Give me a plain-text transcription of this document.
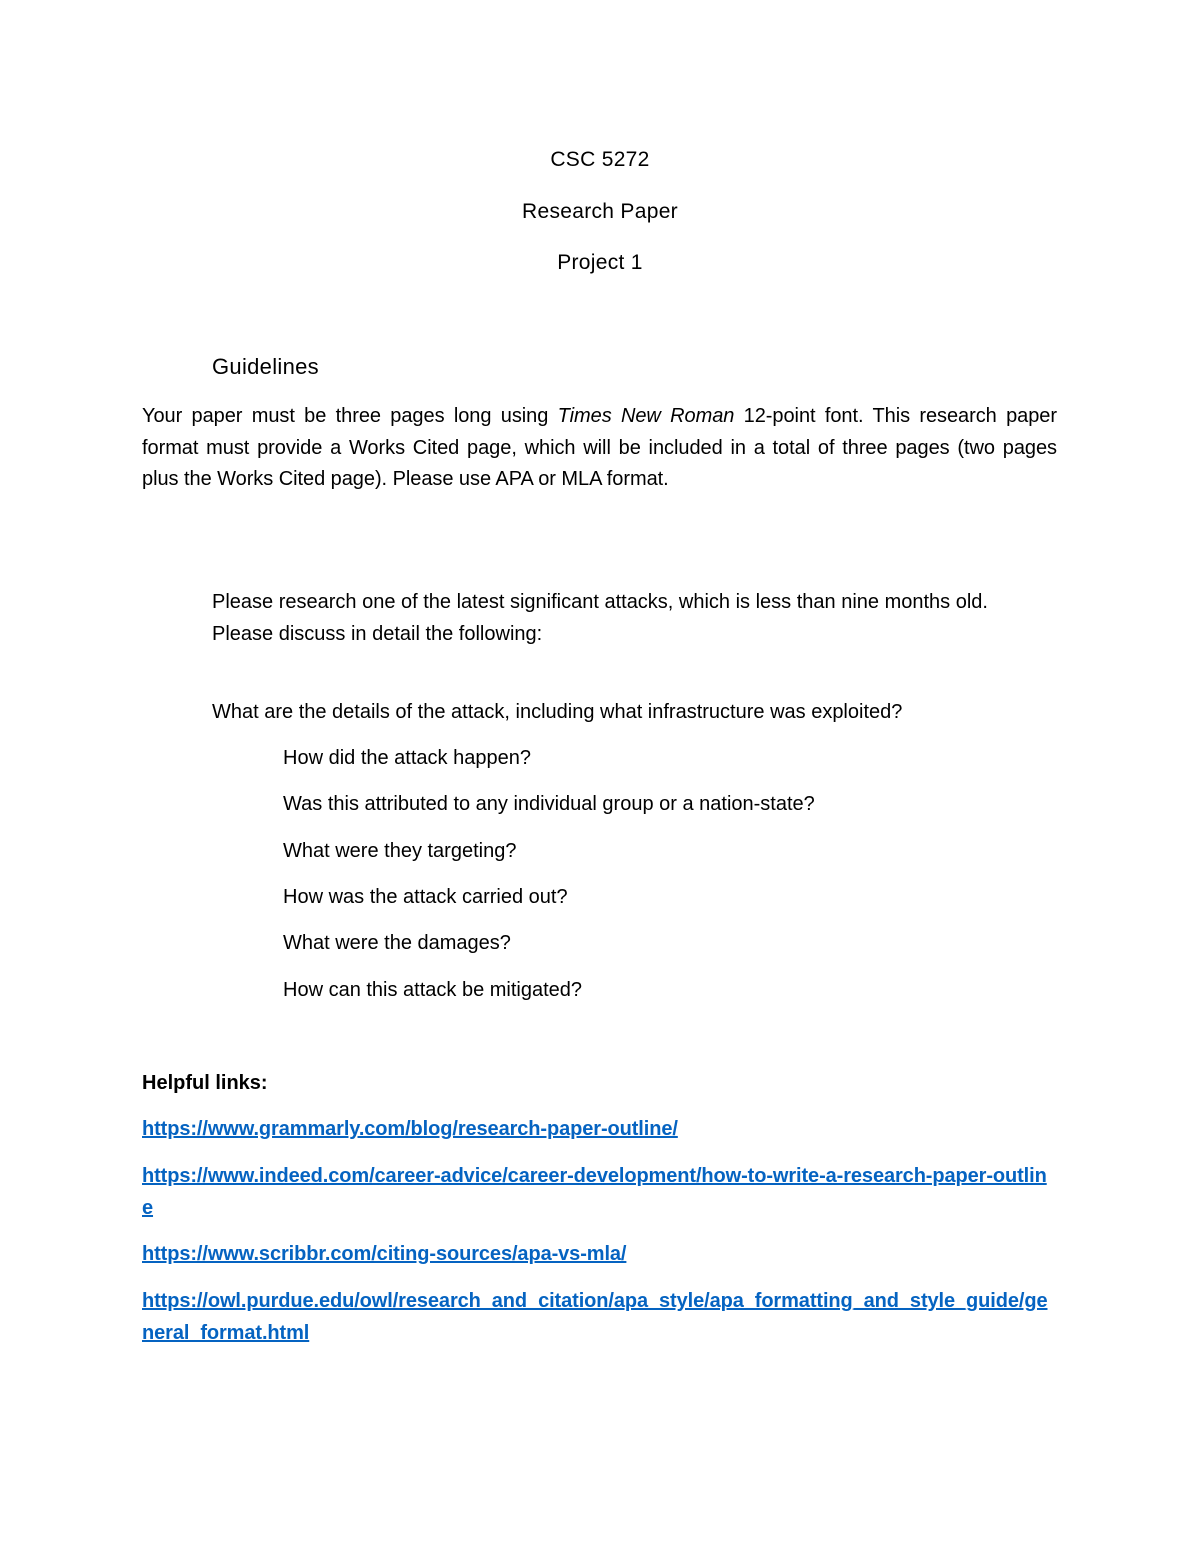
CSC 5272
Research Paper
Project 1
Guidelines
Your paper must be three pages long using Times New Roman 12-point font. This research paper format must provide a Works Cited page, which will be included in a total of three pages (two pages plus the Works Cited page). Please use APA or MLA format.
Please research one of the latest significant attacks, which is less than nine months old.
Please discuss in detail the following:
What are the details of the attack, including what infrastructure was exploited?
How did the attack happen?
Was this attributed to any individual group or a nation-state?
What were they targeting?
How was the attack carried out?
What were the damages?
How can this attack be mitigated?
Helpful links:
https://www.grammarly.com/blog/research-paper-outline/
https://www.indeed.com/career-advice/career-development/how-to-write-a-research-paper-outline
https://www.scribbr.com/citing-sources/apa-vs-mla/
https://owl.purdue.edu/owl/research_and_citation/apa_style/apa_formatting_and_style_guide/general_format.html
